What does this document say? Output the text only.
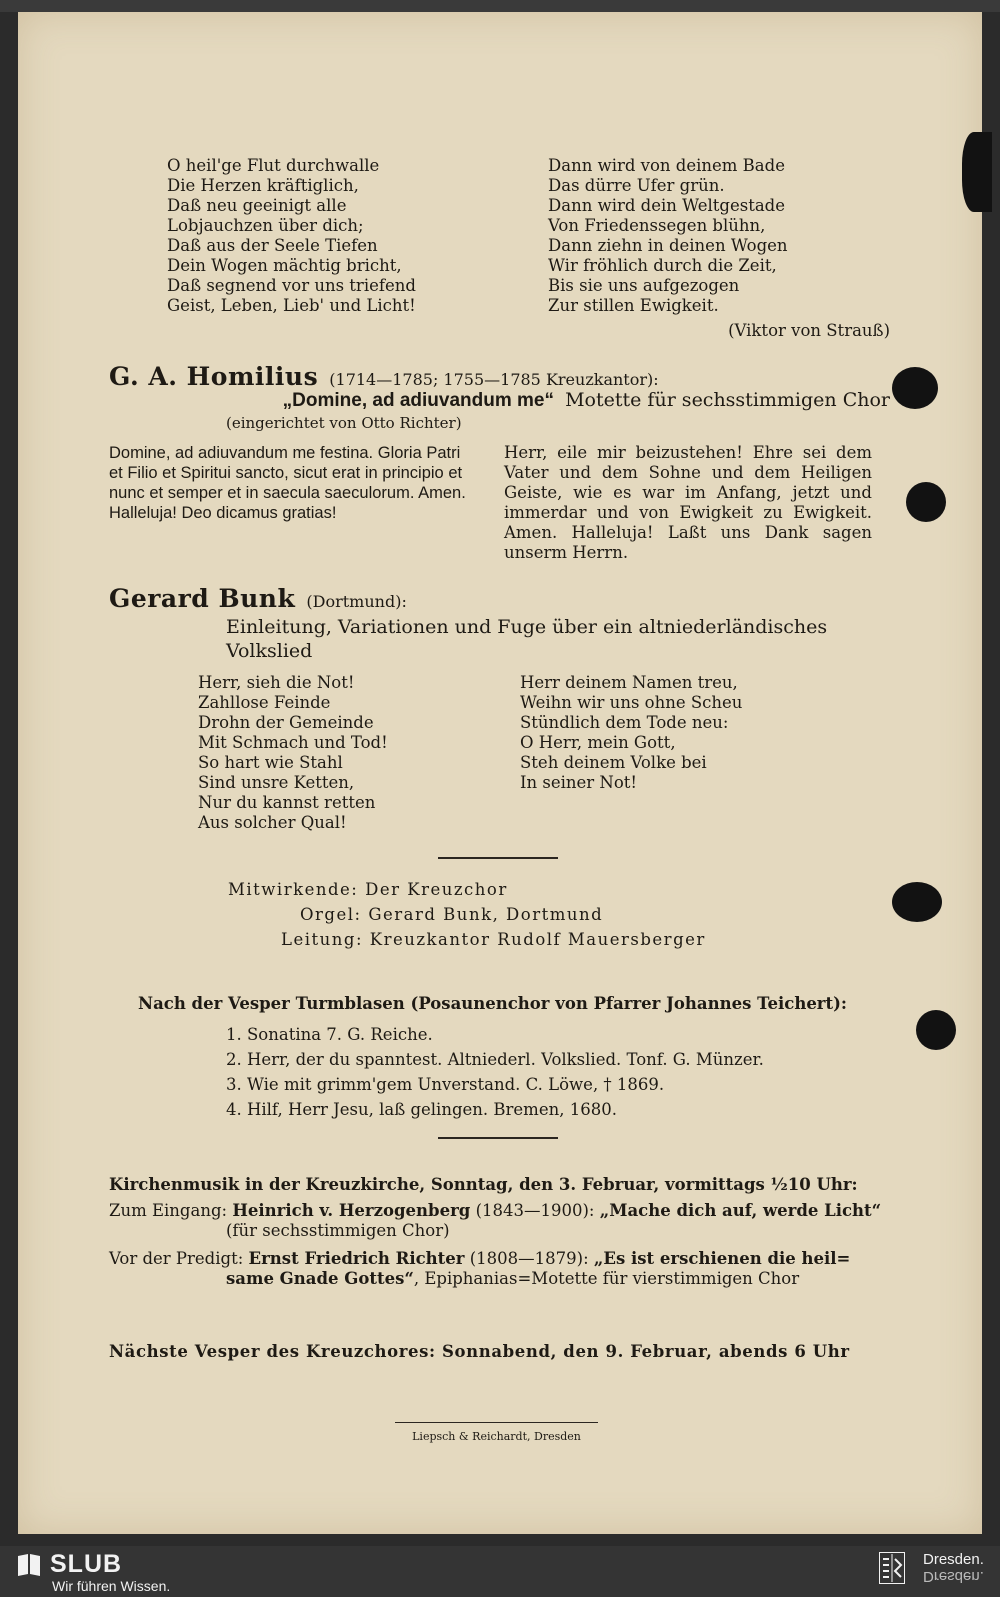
O heil'ge Flut durchwalle
Die Herzen kräftiglich,
Daß neu geeinigt alle
Lobjauchzen über dich;
Daß aus der Seele Tiefen
Dein Wogen mächtig bricht,
Daß segnend vor uns triefend
Geist, Leben, Lieb' und Licht!
Dann wird von deinem Bade
Das dürre Ufer grün.
Dann wird dein Weltgestade
Von Friedenssegen blühn,
Dann ziehn in deinen Wogen
Wir fröhlich durch die Zeit,
Bis sie uns aufgezogen
Zur stillen Ewigkeit.
(Viktor von Strauß)
G. A. Homilius (1714—1785; 1755—1785 Kreuzkantor):
„Domine, ad adiuvandum me“ Motette für sechsstimmigen Chor
(eingerichtet von Otto Richter)
Domine, ad adiuvandum me festina. Gloria Patri et Filio et Spiritui sancto, sicut erat in principio et nunc et semper et in saecula saeculorum. Amen. Halleluja! Deo dicamus gratias!
Herr, eile mir beizustehen! Ehre sei dem Vater und dem Sohne und dem Heiligen Geiste, wie es war im Anfang, jetzt und immerdar und von Ewigkeit zu Ewigkeit. Amen. Halleluja! Laßt uns Dank sagen unserm Herrn.
Gerard Bunk (Dortmund):
Einleitung, Variationen und Fuge über ein altniederländisches
Volkslied
Herr, sieh die Not!
Zahllose Feinde
Drohn der Gemeinde
Mit Schmach und Tod!
So hart wie Stahl
Sind unsre Ketten,
Nur du kannst retten
Aus solcher Qual!
Herr deinem Namen treu,
Weihn wir uns ohne Scheu
Stündlich dem Tode neu:
O Herr, mein Gott,
Steh deinem Volke bei
In seiner Not!
Mitwirkende: Der Kreuzchor
Orgel: Gerard Bunk, Dortmund
Leitung: Kreuzkantor Rudolf Mauersberger
Nach der Vesper Turmblasen (Posaunenchor von Pfarrer Johannes Teichert):
1. Sonatina 7. G. Reiche.
2. Herr, der du spanntest. Altniederl. Volkslied. Tonf. G. Münzer.
3. Wie mit grimm'gem Unverstand. C. Löwe, † 1869.
4. Hilf, Herr Jesu, laß gelingen. Bremen, 1680.
Kirchenmusik in der Kreuzkirche, Sonntag, den 3. Februar, vormittags ½10 Uhr:
Zum Eingang: Heinrich v. Herzogenberg (1843—1900): „Mache dich auf, werde Licht“
(für sechsstimmigen Chor)
Vor der Predigt: Ernst Friedrich Richter (1808—1879): „Es ist erschienen die heil=
same Gnade Gottes“, Epiphanias=Motette für vierstimmigen Chor
Nächste Vesper des Kreuzchores: Sonnabend, den 9. Februar, abends 6 Uhr
Liepsch & Reichardt, Dresden
SLUB
Wir führen Wissen.
Dresden.
Dresden.
